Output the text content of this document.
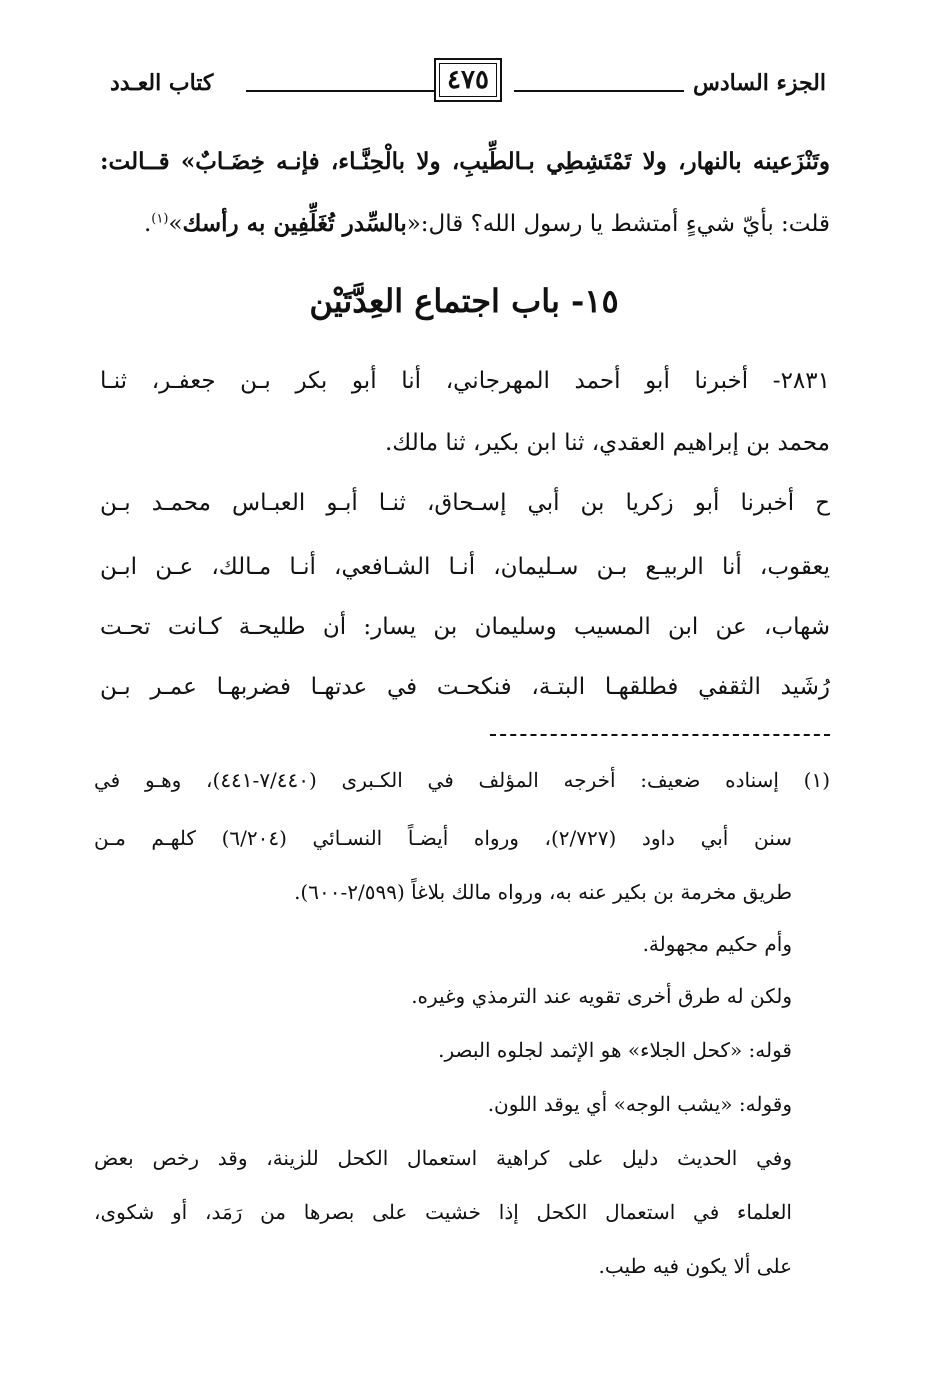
الجزء السادس
٤٧٥
كتاب العـدد
وتَنْزَعينه بالنهار، ولا تَمْتَشِطِي بـالطِّيبِ، ولا بالْحِنَّـاء، فإنـه خِضَـابٌ» قــالت:
قلت: بأيّ شيءٍ أمتشط يا رسول الله؟ قال:«بالسِّدر تُغَلِّفِين به رأسك»$^{(١)}$.
١٥- باب اجتماع العِدَّتَيْن
٢٨٣١- أخبرنا أبو أحمد المهرجاني، أنا أبو بكر بـن جعفـر، ثنـا
محمد بن إبراهيم العقدي، ثنا ابن بكير، ثنا مالك.
ح أخبرنا أبو زكريا بن أبي إسـحاق، ثنـا أبـو العبـاس محمـد بـن
يعقوب، أنا الربيـع بـن سـليمان، أنـا الشـافعي، أنـا مـالك، عـن ابـن
شهاب، عن ابن المسيب وسليمان بن يسار: أن طليحـة كـانت تحـت
رُشَيد الثقفي فطلقهـا البتـة، فنكحـت في عدتهـا فضربهـا عمـر بـن
(١) إسناده ضعيف: أخرجه المؤلف في الكـبرى (٧/٤٤٠-٤٤١)، وهـو في
سنن أبي داود (٢/٧٢٧)، ورواه أيضـاً النسـائي (٦/٢٠٤) كلهـم مـن
طريق مخرمة بن بكير عنه به، ورواه مالك بلاغاً (٢/٥٩٩-٦٠٠).
وأم حكيم مجهولة.
ولكن له طرق أخرى تقويه عند الترمذي وغيره.
قوله: «كحل الجلاء» هو الإثمد لجلوه البصر.
وقوله: «يشب الوجه» أي يوقد اللون.
وفي الحديث دليل على كراهية استعمال الكحل للزينة، وقد رخص بعض
العلماء في استعمال الكحل إذا خشيت على بصرها من رَمَد، أو شكوى،
على ألا يكون فيه طيب.
